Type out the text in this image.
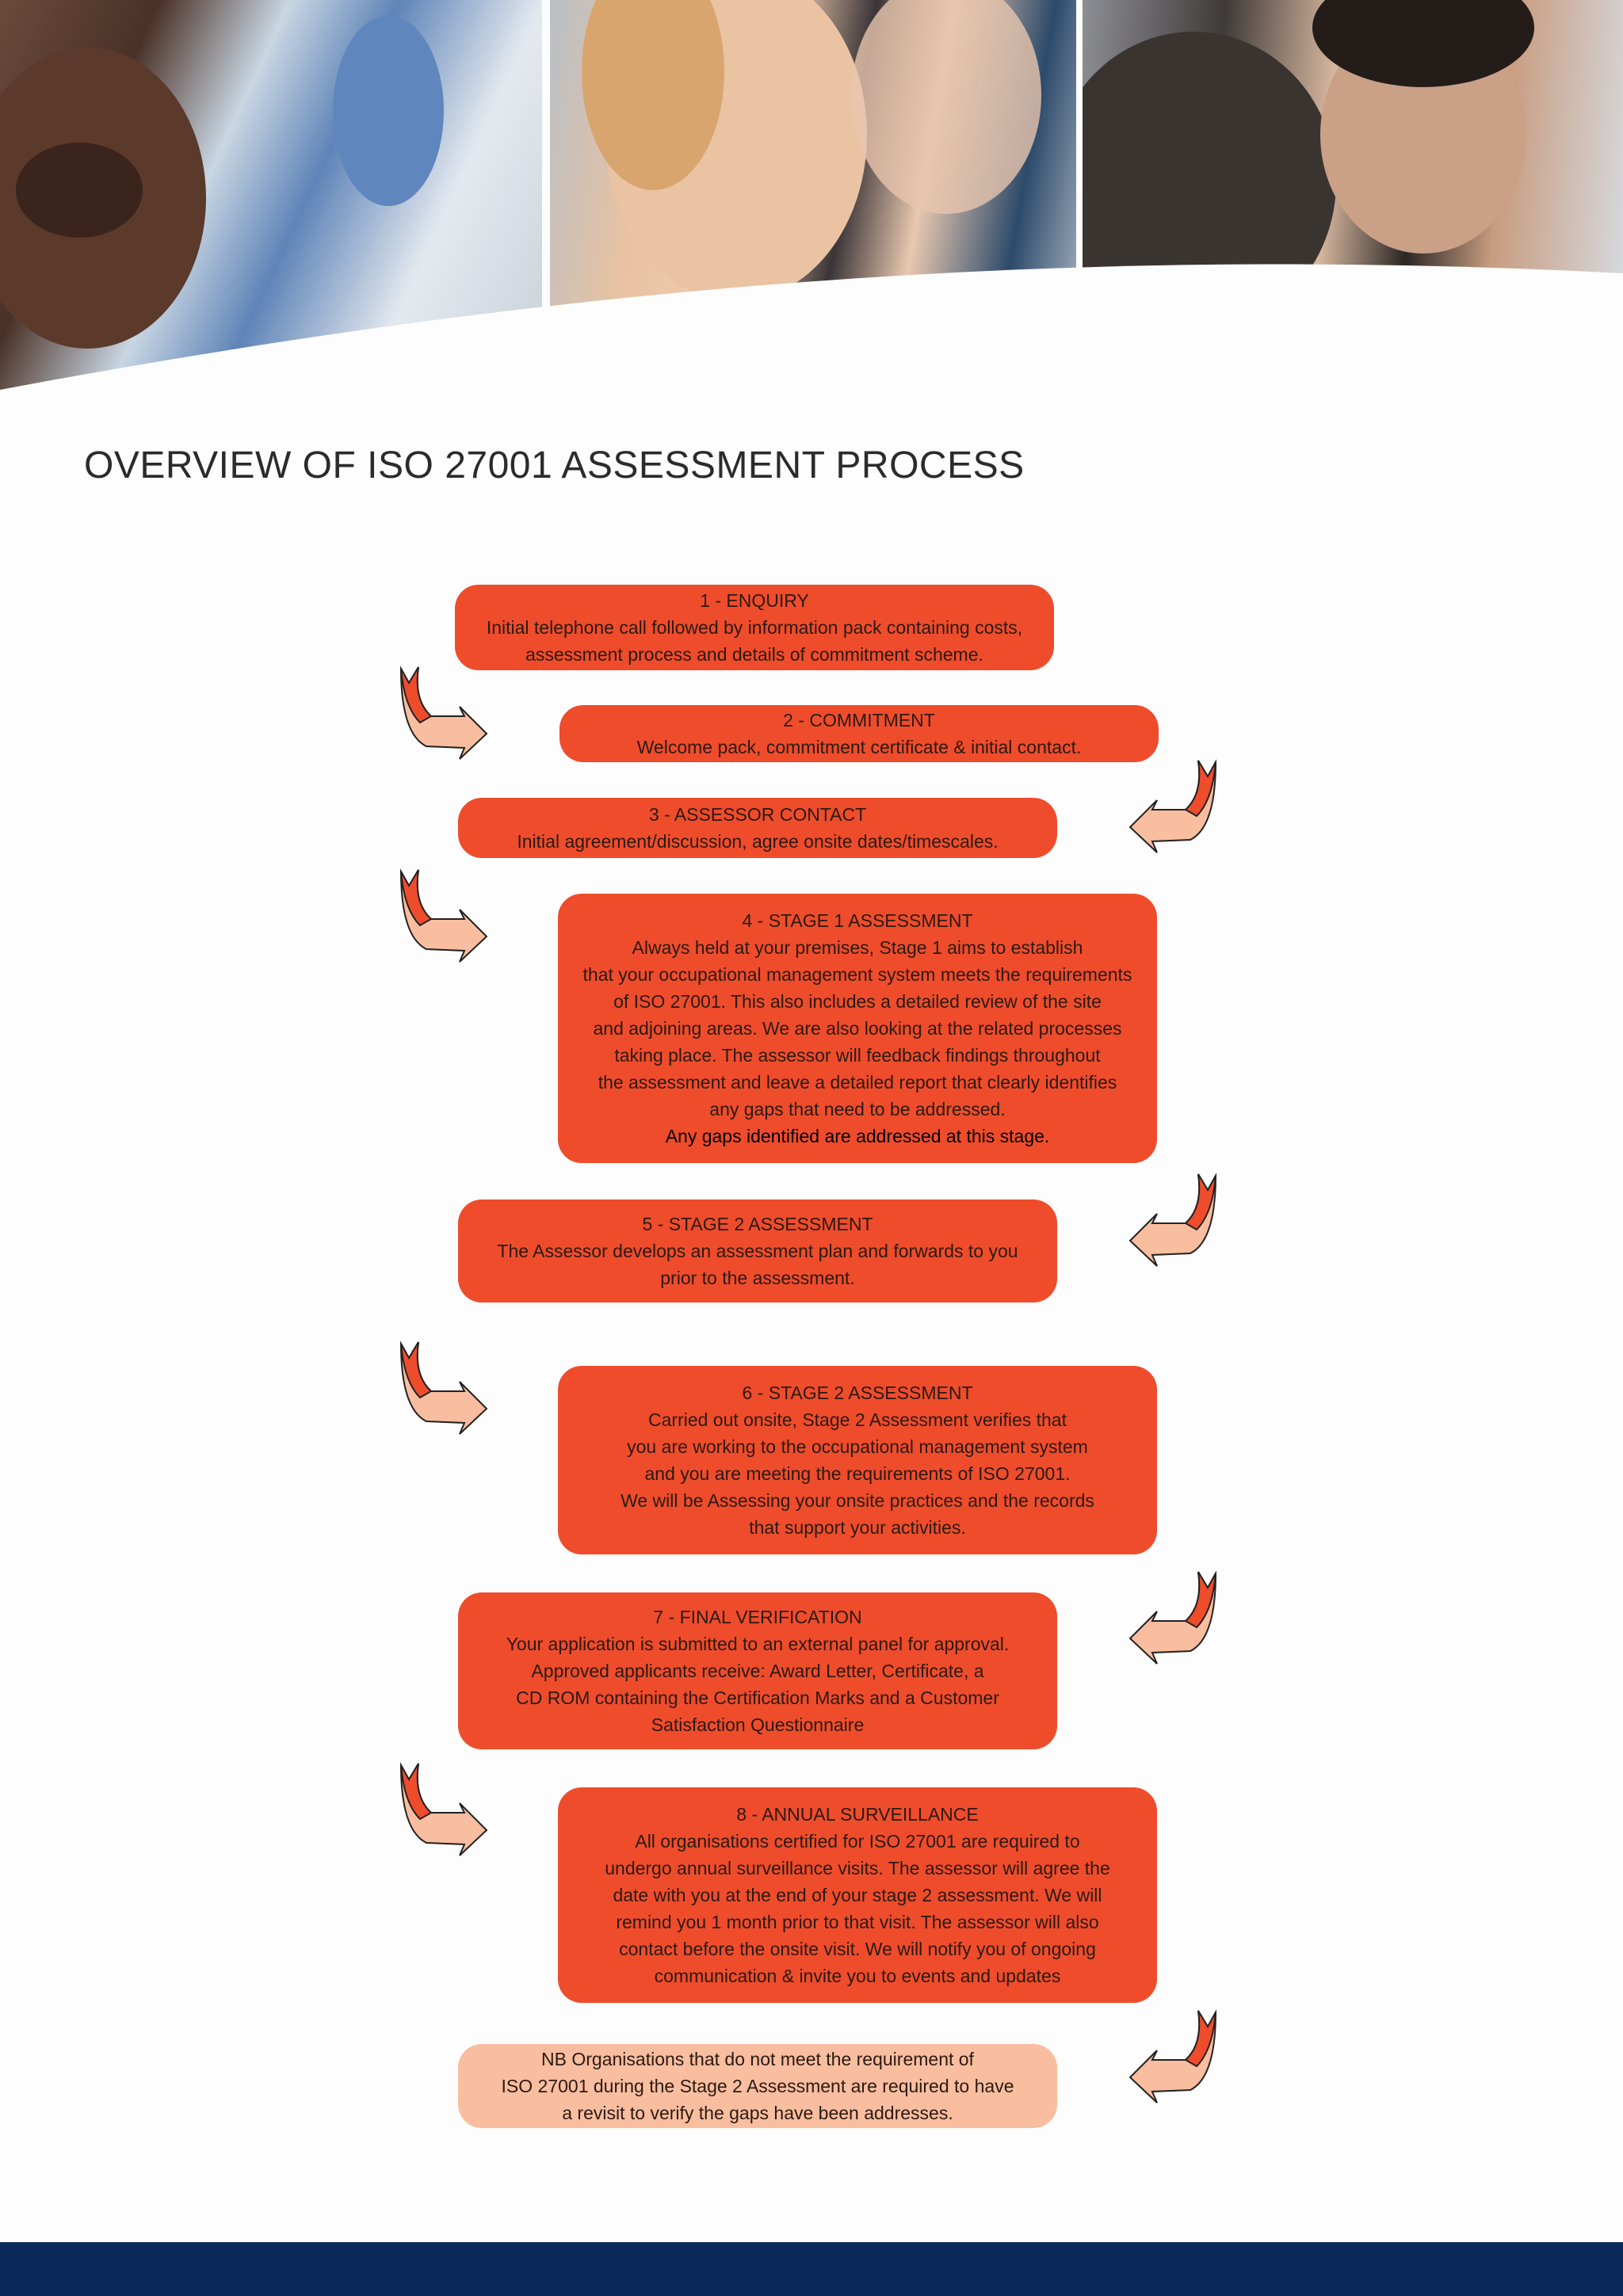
OVERVIEW OF ISO 27001 ASSESSMENT PROCESS
1 - ENQUIRY
Initial telephone call followed by information pack containing costs,
assessment process and details of commitment scheme.
2 - COMMITMENT
Welcome pack, commitment certificate & initial contact.
3 - ASSESSOR CONTACT
Initial agreement/discussion, agree onsite dates/timescales.
4 - STAGE 1 ASSESSMENT
Always held at your premises, Stage 1 aims to establish
that your occupational management system meets the requirements
of ISO 27001. This also includes a detailed review of the site
and adjoining areas. We are also looking at the related processes
taking place. The assessor will feedback findings throughout
the assessment and leave a detailed report that clearly identifies
any gaps that need to be addressed.
Any gaps identified are addressed at this stage.
5 - STAGE 2 ASSESSMENT
The Assessor develops an assessment plan and forwards to you
prior to the assessment.
6 - STAGE 2 ASSESSMENT
Carried out onsite, Stage 2 Assessment verifies that
you are working to the occupational management system
and you are meeting the requirements of ISO 27001.
We will be Assessing your onsite practices and the records
that support your activities.
7 - FINAL VERIFICATION
Your application is submitted to an external panel for approval.
Approved applicants receive: Award Letter, Certificate, a
CD ROM containing the Certification Marks and a Customer
Satisfaction Questionnaire
8 - ANNUAL SURVEILLANCE
All organisations certified for ISO 27001 are required to
undergo annual surveillance visits. The assessor will agree the
date with you at the end of your stage 2 assessment. We will
remind you 1 month prior to that visit. The assessor will also
contact before the onsite visit. We will notify you of ongoing
communication & invite you to events and updates
NB Organisations that do not meet the requirement of
ISO 27001 during the Stage 2 Assessment are required to have
a revisit to verify the gaps have been addresses.
